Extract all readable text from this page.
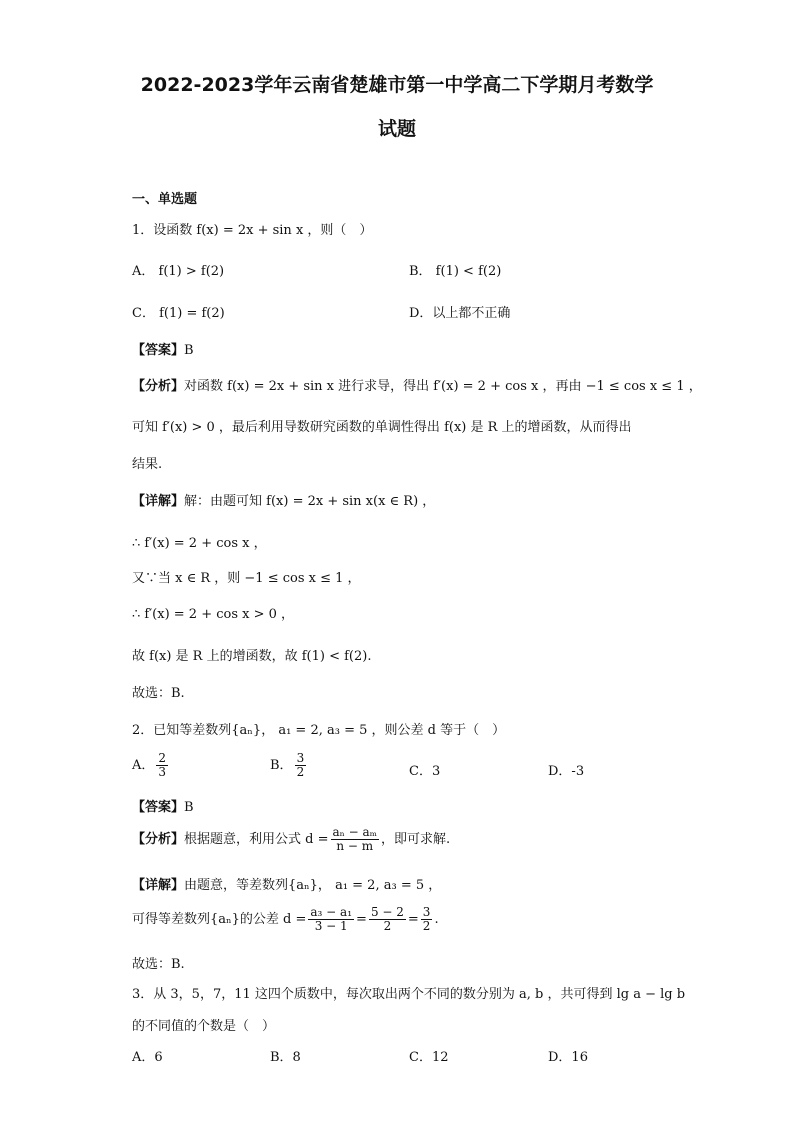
2022-2023学年云南省楚雄市第一中学高二下学期月考数学
试题
一、单选题
1．设函数 f(x) = 2x + sin x ，则（　）
A． f(1) > f(2)	B． f(1) < f(2)
C． f(1) = f(2)	D．以上都不正确
【答案】B
【分析】对函数 f(x) = 2x + sin x 进行求导，得出 f′(x) = 2 + cos x ，再由 −1 ≤ cos x ≤ 1 ，
可知 f′(x) > 0 ，最后利用导数研究函数的单调性得出 f(x) 是 R 上的增函数，从而得出
结果.
【详解】解：由题可知 f(x) = 2x + sin x(x ∈ R) ，
∴ f′(x) = 2 + cos x ，
又∵当 x ∈ R ，则 −1 ≤ cos x ≤ 1 ，
∴ f′(x) = 2 + cos x > 0 ，
故 f(x) 是 R 上的增函数，故 f(1) < f(2).
故选：B.
2．已知等差数列{aₙ}， a₁ = 2, a₃ = 5 ，则公差 d 等于（　）
A． $\frac{2}{3}$	B． $\frac{3}{2}$	C．3	D．-3
【答案】B
【分析】根据题意，利用公式 $d = \frac{\text{aₙ − aₘ}}{n - m}$ ，即可求解.
【详解】由题意，等差数列{aₙ}， a₁ = 2, a₃ = 5 ，
可得等差数列{aₙ}的公差 $d = \frac{\text{a₃ − a₁}}{3 - 1} = \frac{5 - 2}{2} = \frac{3}{2}$ .
故选：B.
3．从 3，5，7，11 这四个质数中，每次取出两个不同的数分别为 a, b ，共可得到 lg a − lg b
的不同值的个数是（　）
A．6	B．8	C．12	D．16
